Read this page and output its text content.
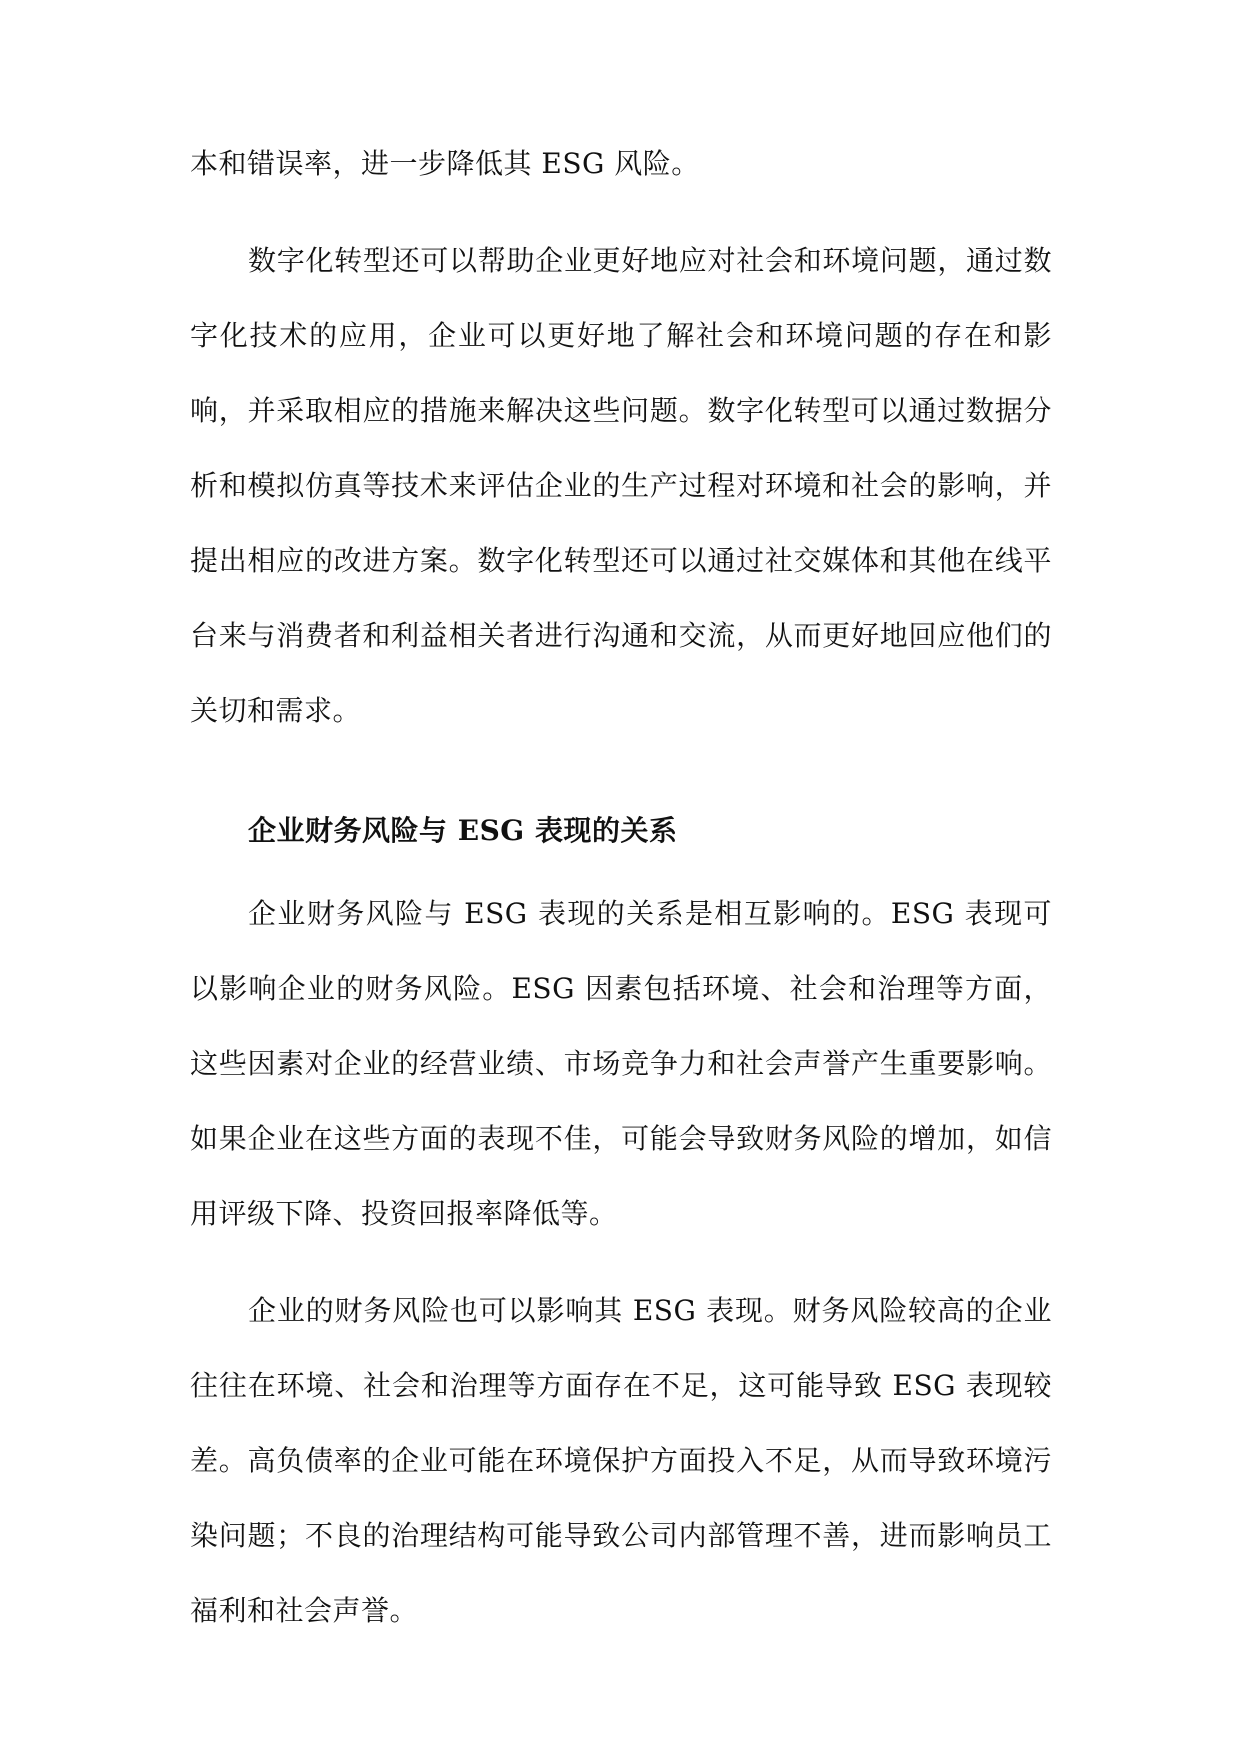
本和错误率，进一步降低其 ESG 风险。

数字化转型还可以帮助企业更好地应对社会和环境问题，通过数字化技术的应用，企业可以更好地了解社会和环境问题的存在和影响，并采取相应的措施来解决这些问题。数字化转型可以通过数据分析和模拟仿真等技术来评估企业的生产过程对环境和社会的影响，并提出相应的改进方案。数字化转型还可以通过社交媒体和其他在线平台来与消费者和利益相关者进行沟通和交流，从而更好地回应他们的关切和需求。

企业财务风险与 ESG 表现的关系

企业财务风险与 ESG 表现的关系是相互影响的。ESG 表现可以影响企业的财务风险。ESG 因素包括环境、社会和治理等方面，这些因素对企业的经营业绩、市场竞争力和社会声誉产生重要影响。如果企业在这些方面的表现不佳，可能会导致财务风险的增加，如信用评级下降、投资回报率降低等。

企业的财务风险也可以影响其 ESG 表现。财务风险较高的企业往往在环境、社会和治理等方面存在不足，这可能导致 ESG 表现较差。高负债率的企业可能在环境保护方面投入不足，从而导致环境污染问题；不良的治理结构可能导致公司内部管理不善，进而影响员工福利和社会声誉。
